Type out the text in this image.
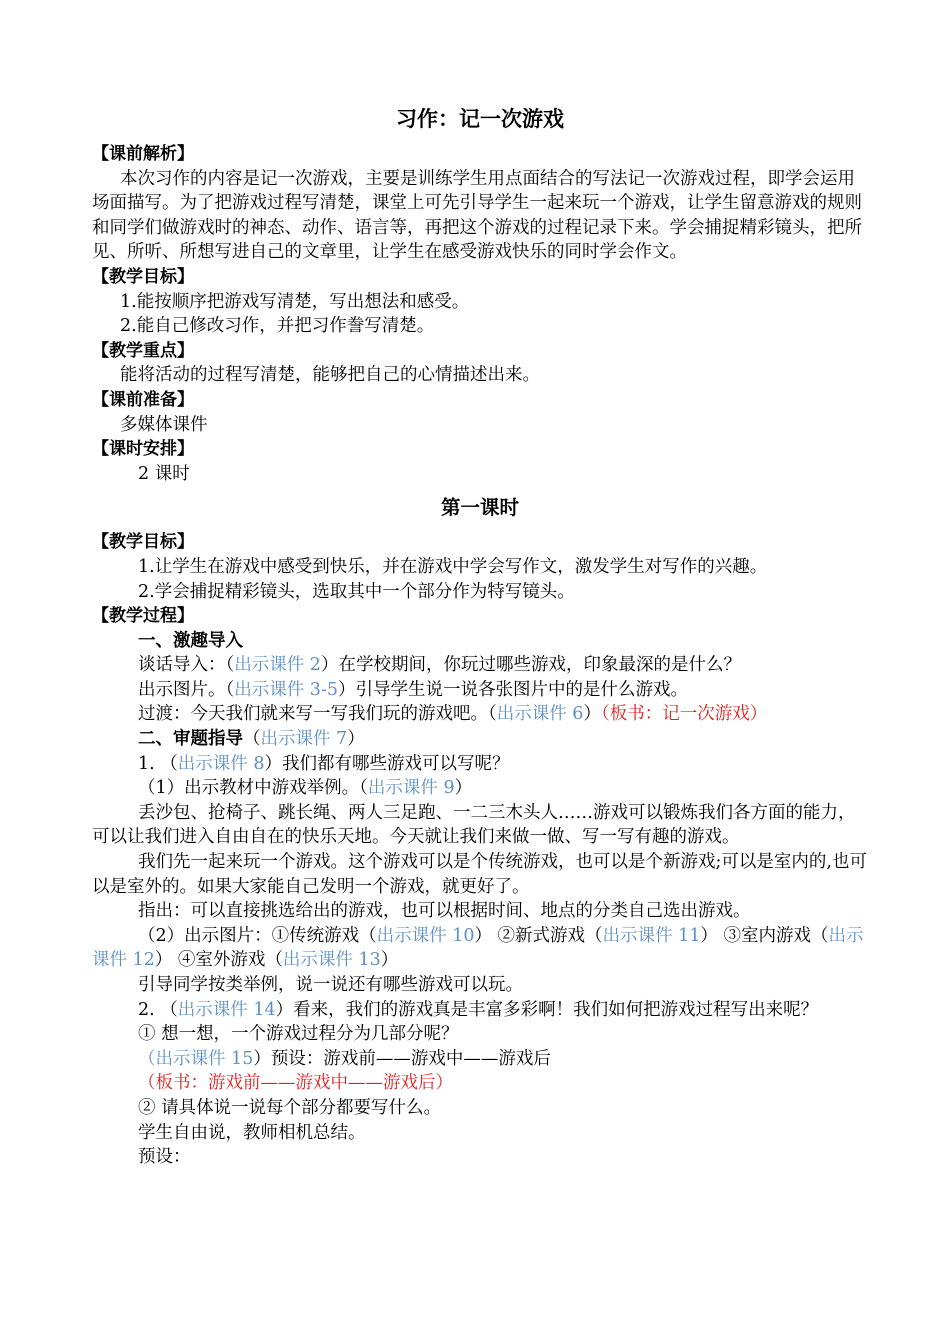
习作：记一次游戏

【课前解析】

本次习作的内容是记一次游戏，主要是训练学生用点面结合的写法记一次游戏过程，即学会运用场面描写。为了把游戏过程写清楚，课堂上可先引导学生一起来玩一个游戏，让学生留意游戏的规则和同学们做游戏时的神态、动作、语言等，再把这个游戏的过程记录下来。学会捕捉精彩镜头，把所见、所听、所想写进自己的文章里，让学生在感受游戏快乐的同时学会作文。

【教学目标】

1.能按顺序把游戏写清楚，写出想法和感受。

2.能自己修改习作，并把习作誊写清楚。

【教学重点】

能将活动的过程写清楚，能够把自己的心情描述出来。

【课前准备】

多媒体课件

【课时安排】

2 课时

第一课时

【教学目标】

1.让学生在游戏中感受到快乐，并在游戏中学会写作文，激发学生对写作的兴趣。

2.学会捕捉精彩镜头，选取其中一个部分作为特写镜头。

【教学过程】

一、激趣导入

谈话导入：（出示课件 2）在学校期间，你玩过哪些游戏，印象最深的是什么？

出示图片。（出示课件 3-5）引导学生说一说各张图片中的是什么游戏。

过渡：今天我们就来写一写我们玩的游戏吧。（出示课件 6）（板书：记一次游戏）

二、审题指导（出示课件 7）

1. （出示课件 8）我们都有哪些游戏可以写呢？

（1）出示教材中游戏举例。（出示课件 9）

丢沙包、抢椅子、跳长绳、两人三足跑、一二三木头人……游戏可以锻炼我们各方面的能力，可以让我们进入自由自在的快乐天地。今天就让我们来做一做、写一写有趣的游戏。

我们先一起来玩一个游戏。这个游戏可以是个传统游戏，也可以是个新游戏;可以是室内的,也可以是室外的。如果大家能自己发明一个游戏，就更好了。

指出：可以直接挑选给出的游戏，也可以根据时间、地点的分类自己选出游戏。

（2）出示图片：①传统游戏（出示课件 10） ②新式游戏（出示课件 11） ③室内游戏（出示课件 12） ④室外游戏（出示课件 13）

引导同学按类举例，说一说还有哪些游戏可以玩。

2. （出示课件 14）看来，我们的游戏真是丰富多彩啊！我们如何把游戏过程写出来呢？

① 想一想，一个游戏过程分为几部分呢？

（出示课件 15）预设：游戏前——游戏中——游戏后

（板书：游戏前——游戏中——游戏后）

② 请具体说一说每个部分都要写什么。

学生自由说，教师相机总结。

预设：
